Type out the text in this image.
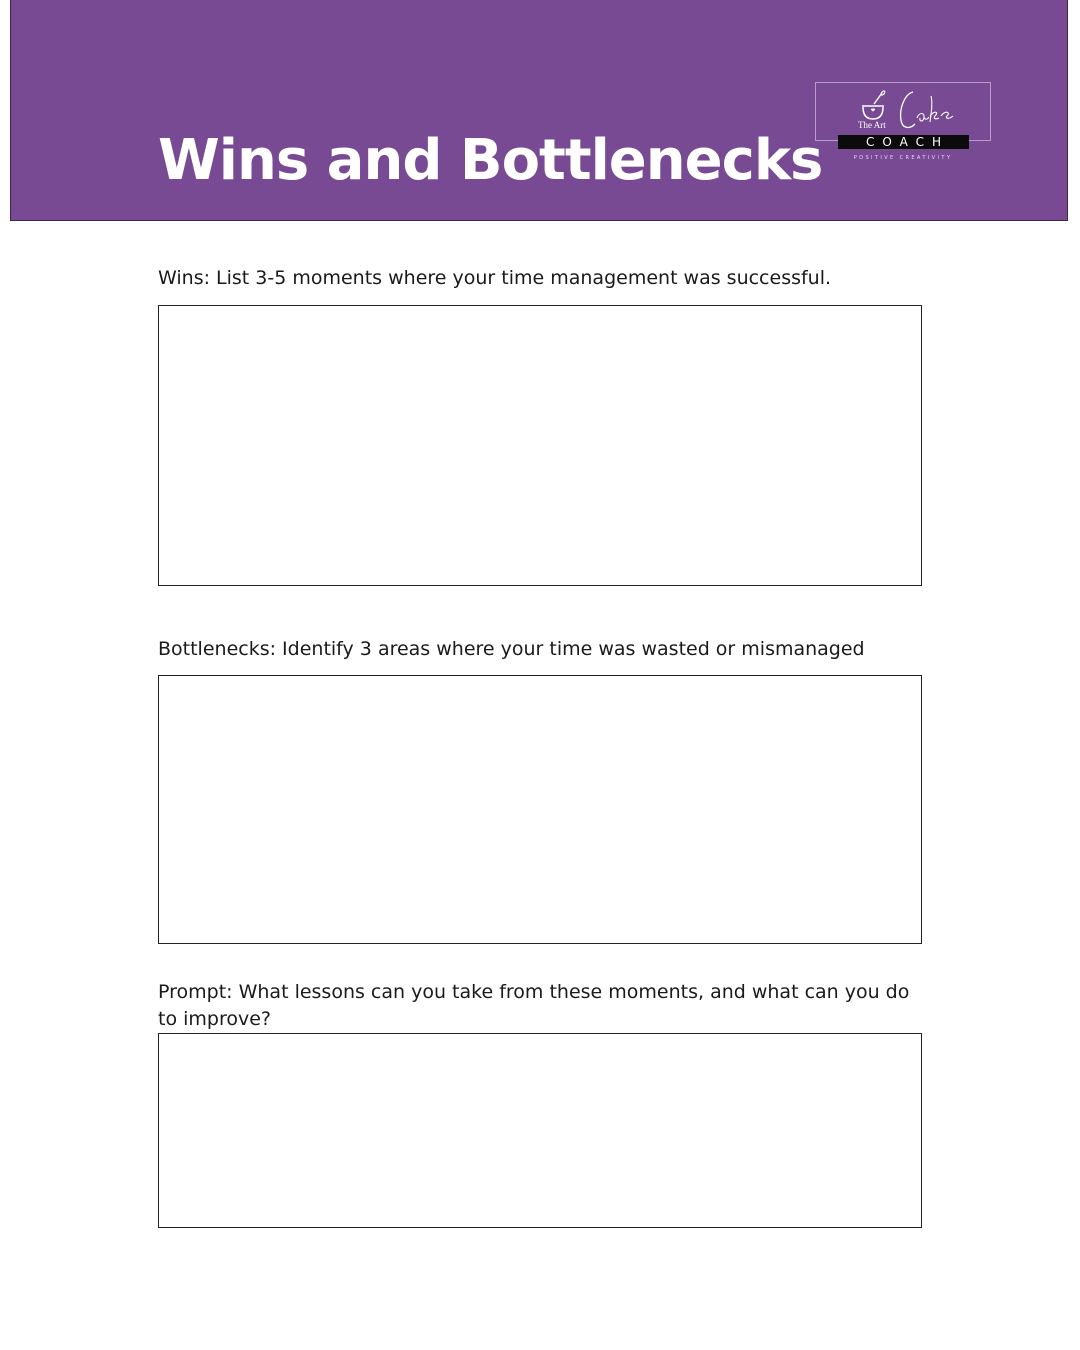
Wins and Bottlenecks
The Art
COACH
POSITIVE CREATIVITY

Wins: List 3-5 moments where your time management was successful.

Bottlenecks: Identify 3 areas where your time was wasted or mismanaged

Prompt: What lessons can you take from these moments, and what can you do to improve?
